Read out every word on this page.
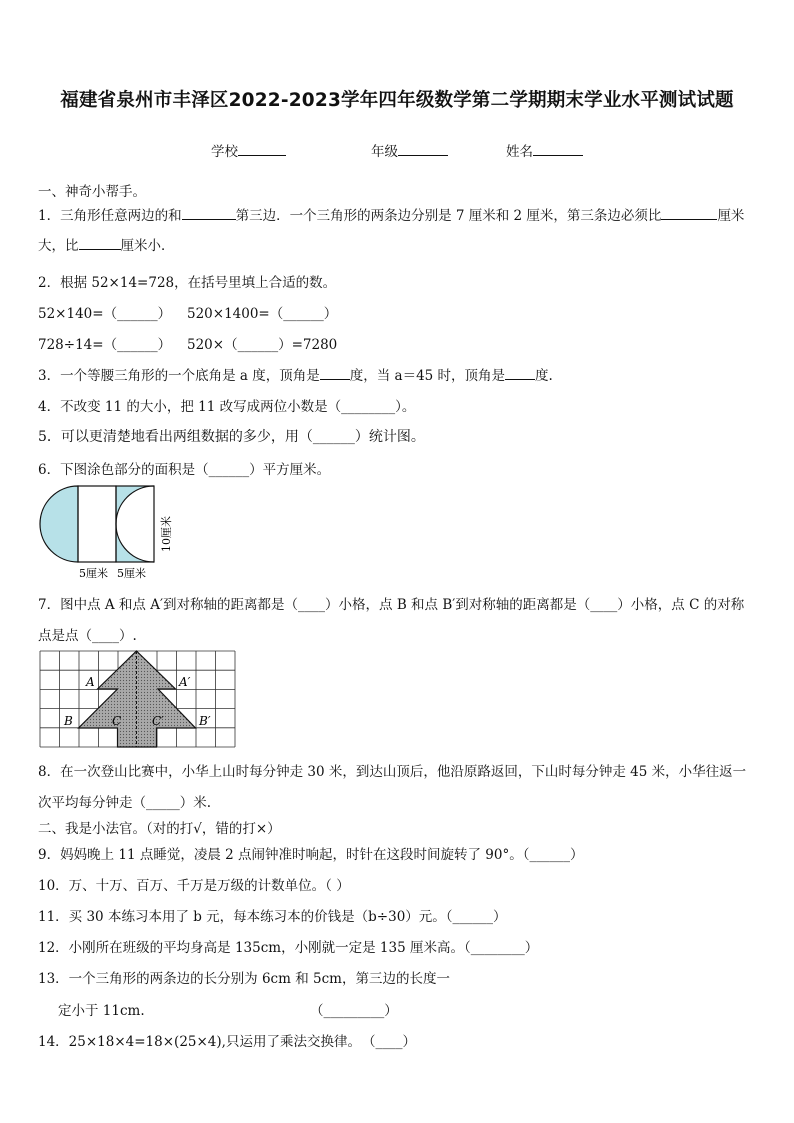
福建省泉州市丰泽区2022-2023学年四年级数学第二学期期末学业水平测试试题
学校	年级	姓名
一、神奇小帮手。
1．三角形任意两边的和	第三边．一个三角形的两条边分别是 7 厘米和 2 厘米，第三条边必须比	厘米
大，比	厘米小．
2．根据 52×14=728，在括号里填上合适的数。
52×140=（______） 520×1400=（______）
728÷14=（______） 520×（______）=7280
3．一个等腰三角形的一个底角是 a 度，顶角是 度，当 a＝45 时，顶角是 度.
4．不改变 11 的大小，把 11 改写成两位小数是（________）。
5．可以更清楚地看出两组数据的多少，用（______）统计图。
6．下图涂色部分的面积是（______）平方厘米。
5厘米 5厘米
10厘米
7．图中点 A 和点 A′到对称轴的距离都是（____）小格，点 B 和点 B′到对称轴的距离都是（____）小格，点 C 的对称
点是点（____）.
A	A′
B	B′
C	C′
8．在一次登山比赛中，小华上山时每分钟走 30 米，到达山顶后，他沿原路返回，下山时每分钟走 45 米，小华往返一
次平均每分钟走（_____）米.
二、我是小法官。（对的打√，错的打×）
9．妈妈晚上 11 点睡觉，凌晨 2 点闹钟准时响起，时针在这段时间旋转了 90°。（______）
10．万、十万、百万、千万是万级的计数单位。（ ）
11．买 30 本练习本用了 b 元，每本练习本的价钱是（b÷30）元。（______）
12．小刚所在班级的平均身高是 135cm，小刚就一定是 135 厘米高。（________）
13．一个三角形的两条边的长分别为 6cm 和 5cm，第三边的长度一
定小于 11cm.	（_________）
14．25×18×4=18×(25×4),只运用了乘法交换律。 （____）
